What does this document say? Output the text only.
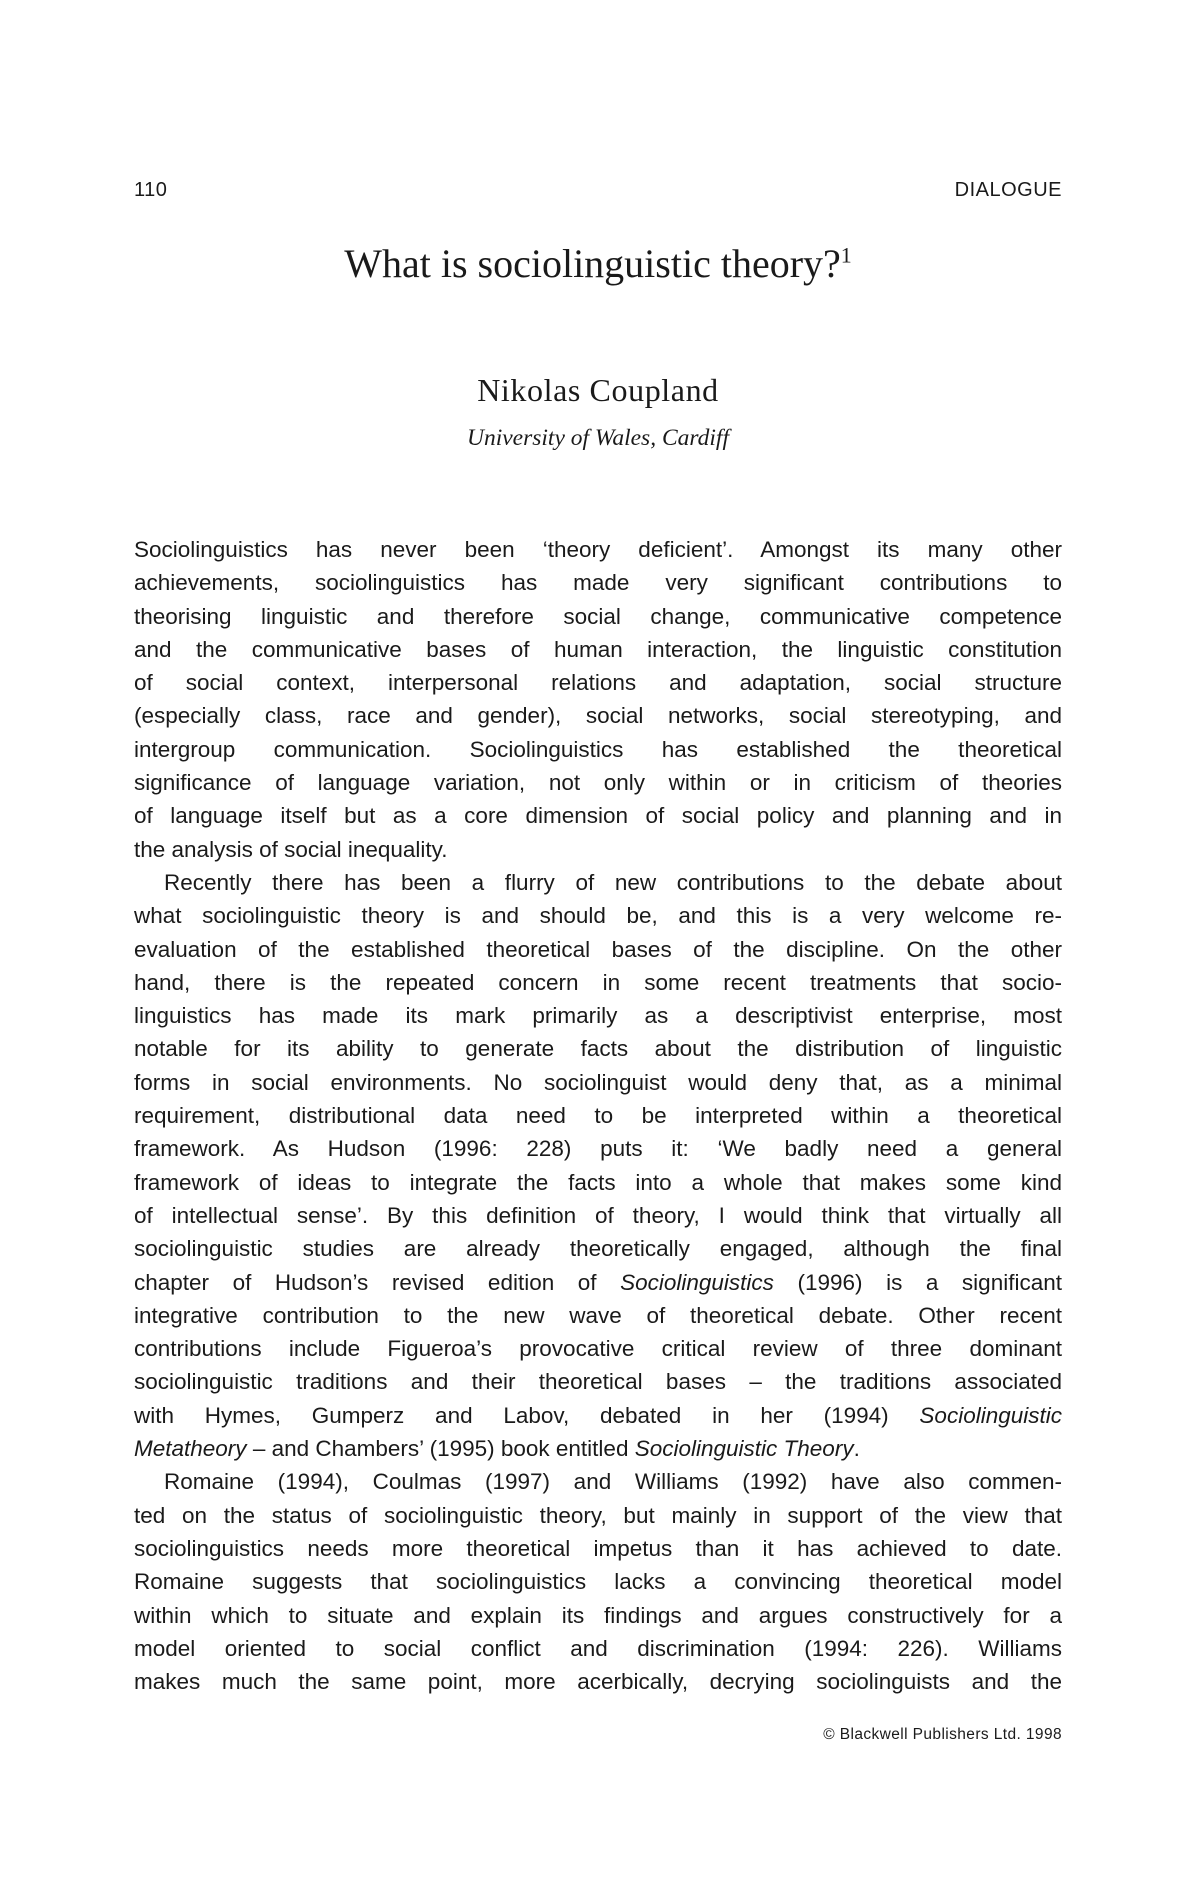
110	DIALOGUE
What is sociolinguistic theory?$^1$
Nikolas Coupland
University of Wales, Cardiff
Sociolinguistics has never been ‘theory deficient’. Amongst its many other
achievements, sociolinguistics has made very significant contributions to
theorising linguistic and therefore social change, communicative competence
and the communicative bases of human interaction, the linguistic constitution
of social context, interpersonal relations and adaptation, social structure
(especially class, race and gender), social networks, social stereotyping, and
intergroup communication. Sociolinguistics has established the theoretical
significance of language variation, not only within or in criticism of theories
of language itself but as a core dimension of social policy and planning and in
the analysis of social inequality.
Recently there has been a flurry of new contributions to the debate about
what sociolinguistic theory is and should be, and this is a very welcome re-
evaluation of the established theoretical bases of the discipline. On the other
hand, there is the repeated concern in some recent treatments that socio-
linguistics has made its mark primarily as a descriptivist enterprise, most
notable for its ability to generate facts about the distribution of linguistic
forms in social environments. No sociolinguist would deny that, as a minimal
requirement, distributional data need to be interpreted within a theoretical
framework. As Hudson (1996: 228) puts it: ‘We badly need a general
framework of ideas to integrate the facts into a whole that makes some kind
of intellectual sense’. By this definition of theory, I would think that virtually all
sociolinguistic studies are already theoretically engaged, although the final
chapter of Hudson’s revised edition of Sociolinguistics (1996) is a significant
integrative contribution to the new wave of theoretical debate. Other recent
contributions include Figueroa’s provocative critical review of three dominant
sociolinguistic traditions and their theoretical bases – the traditions associated
with Hymes, Gumperz and Labov, debated in her (1994) Sociolinguistic
Metatheory – and Chambers’ (1995) book entitled Sociolinguistic Theory.
Romaine (1994), Coulmas (1997) and Williams (1992) have also commen-
ted on the status of sociolinguistic theory, but mainly in support of the view that
sociolinguistics needs more theoretical impetus than it has achieved to date.
Romaine suggests that sociolinguistics lacks a convincing theoretical model
within which to situate and explain its findings and argues constructively for a
model oriented to social conflict and discrimination (1994: 226). Williams
makes much the same point, more acerbically, decrying sociolinguists and the
© Blackwell Publishers Ltd. 1998
